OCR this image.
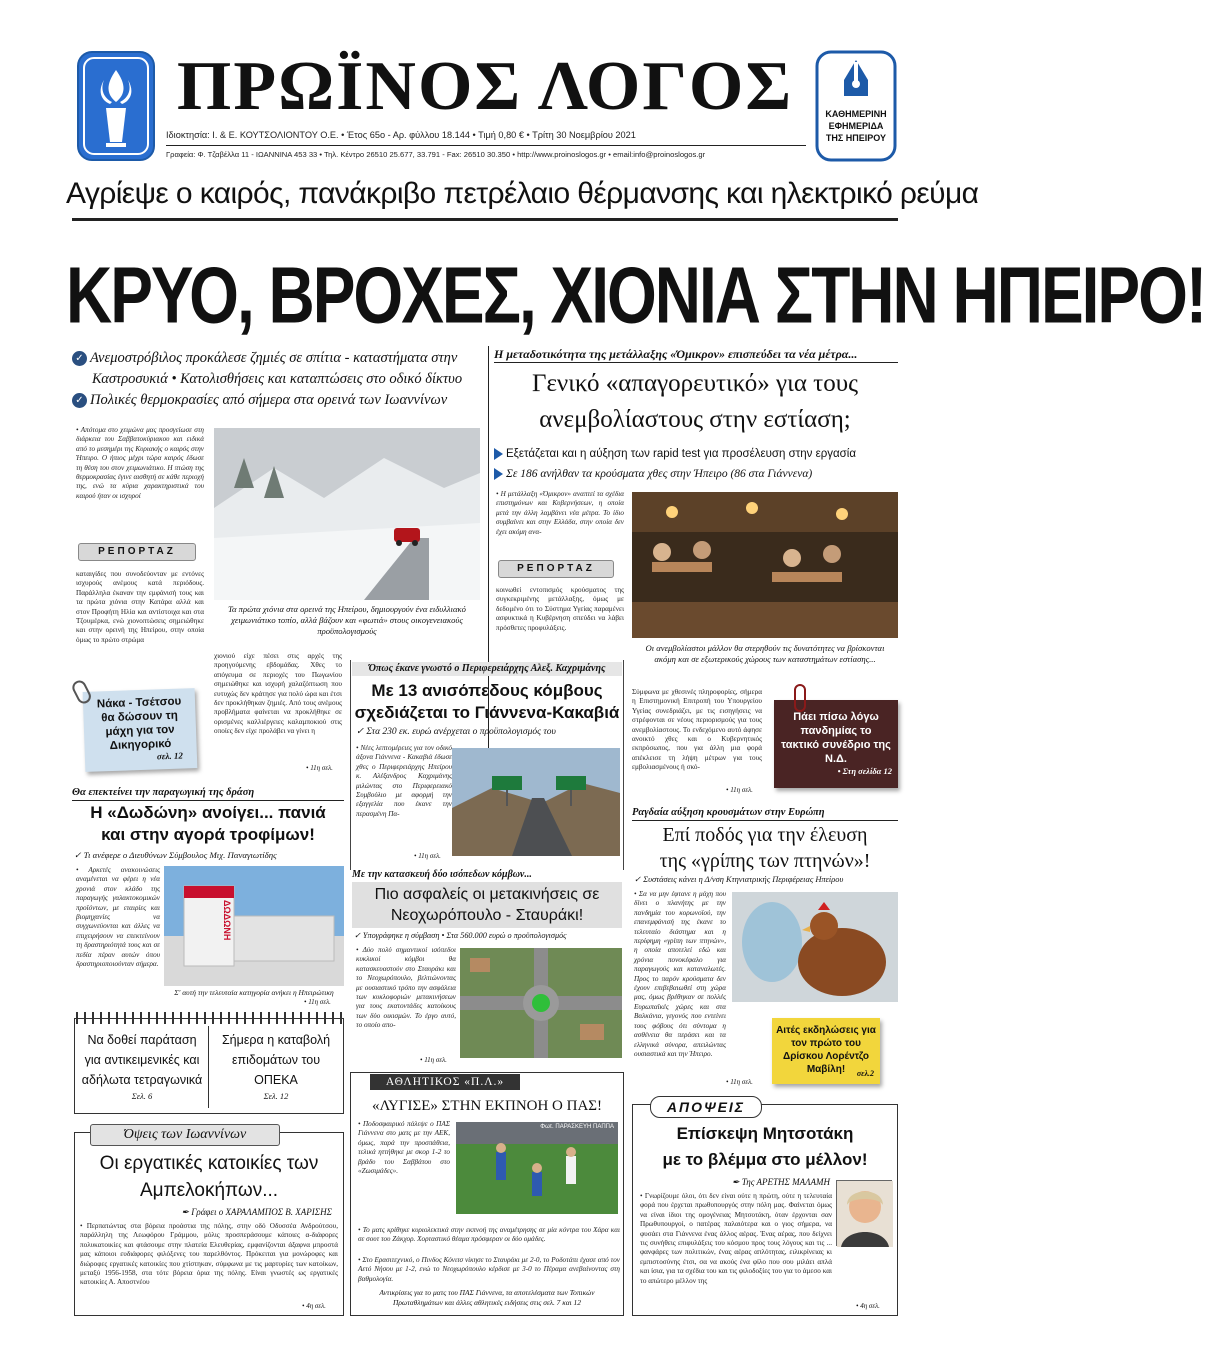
ΠΡΩΪΝΟΣ ΛΟΓΟΣ	ΚΑΘΗΜΕΡΙΝΗ
ΕΦΗΜΕΡΙΔΑ
ΤΗΣ ΗΠΕΙΡΟΥ
Ιδιοκτησία: Ι. & Ε. ΚΟΥΤΣΟΛΙΟΝΤΟΥ Ο.Ε. • Έτος 65ο - Αρ. φύλλου 18.144 • Τιμή 0,80 € • Τρίτη 30 Νοεμβρίου 2021
Γραφεία: Φ. Τζαβέλλα 11 - ΙΩΑΝΝΙΝΑ 453 33 • Τηλ. Κέντρο 26510 25.677, 33.791 - Fax: 26510 30.350 • http://www.proinoslogos.gr • email:info@proinoslogos.gr
Αγρίεψε ο καιρός, πανάκριβο πετρέλαιο θέρμανσης και ηλεκτρικό ρεύμα
ΚΡΥΟ, ΒΡΟΧΕΣ, ΧΙΟΝΙΑ ΣΤΗΝ ΗΠΕΙΡΟ!
✓ Ανεμοστρόβιλος προκάλεσε ζημιές σε σπίτια - καταστήματα στην
Καστροσυκιά • Κατολισθήσεις και καταπτώσεις στο οδικό δίκτυο
✓ Πολικές θερμοκρασίες από σήμερα στα ορεινά των Ιωαννίνων
• Απότομα στο χειμώνα μας προσγείωσε στη διάρκεια του Σαββατοκύριακου και ειδικά από το μεσημέρι της Κυριακής ο καιρός στην Ήπειρο. Ο ήπιος μέχρι τώρα καιρός έδωσε τη θέση του στον χειμωνιάτικο. Η πτώση της θερμοκρασίας έγινε αισθητή σε κάθε περιοχή της, ενώ τα κύρια χαρακτηριστικά του καιρού ήταν οι ισχυροί
ΡΕΠΟΡΤΑΖ
καταιγίδες που συνοδεύονταν με εντόνες ισχυρούς ανέμους κατά περιόδους. Παράλληλα έκαναν την εμφάνισή τους και τα πρώτα χιόνια στην Κατάρα αλλά και στον Προφήτη Ηλία και αντίστοιχα και στα Τζουμέρκα, ενώ χιονοπτώσεις σημειώθηκε και στην ορεινή της Ηπείρου, στην οποία όμως το πρώτο στρώμα
Τα πρώτα χιόνια στα ορεινά της Ηπείρου, δημιουργούν ένα ειδυλλιακό χειμωνιάτικο τοπίο, αλλά βάζουν και «φωτιά» στους οικογενειακούς προϋπολογισμούς
χιονιού είχε πέσει στις αρχές της προηγούμενης εβδομάδας. Χθες το απόγευμα σε περιοχές του Πωγωνίου σημειώθηκε και ισχυρή χαλαζόπτωση που ευτυχώς δεν κράτησε για πολύ ώρα και έτσι δεν προκλήθηκαν ζημιές. Από τους ανέμους προβλήματα φαίνεται να προκλήθηκε σε ορισμένες καλλιέργειες καλαμποκιού στις οποίες δεν είχε προλάβει να γίνει η
• 11η σελ.
Νάκα - Τσέτσου θα δώσουν τη μάχη για τον Δικηγορικό
σελ. 12
Η μεταδοτικότητα της μετάλλαξης «Όμικρον» επισπεύδει τα νέα μέτρα...
Γενικό «απαγορευτικό» για τους
ανεμβολίαστους στην εστίαση;
Εξετάζεται και η αύξηση των rapid test για προσέλευση στην εργασία
Σε 186 ανήλθαν τα κρούσματα χθες στην Ήπειρο (86 στα Γιάννενα)
• Η μετάλλαξη «Όμικρον» αναπτεί τα σχέδια επιστημόνων και Κυβερνήσεων, η οποία μετά την άλλη λαμβάνει νέα μέτρα. Το ίδιο συμβαίνει και στην Ελλάδα, στην οποία δεν έχει ακόμη ανα-
ΡΕΠΟΡΤΑΖ
κοινωθεί εντοπισμός κρούσματος της συγκεκριμένης μετάλλαξης, όμως με δεδομένο ότι το Σύστημα Υγείας παραμένει ασφυκτικά η Κυβέρνηση σπεύδει να λάβει πρόσθετες προφυλάξεις.
Οι ανεμβολίαστοι μάλλον θα στερηθούν τις δυνατότητες να βρίσκονται ακόμη και σε εξωτερικούς χώρους των καταστημάτων εστίασης...
Σύμφωνα με χθεσινές πληροφορίες, σήμερα η Επιστημονική Επιτροπή του Υπουργείου Υγείας συνεδριάζει, με τις εισηγήσεις να στρέφονται σε νέους περιορισμούς για τους ανεμβολίαστους. Το ενδεχόμενο αυτό άφησε ανοικτό χθες και ο Κυβερνητικός εκπρόσωπος, που για άλλη μια φορά απέκλεισε τη λήψη μέτρων για τους εμβολιασμένους ή σκό-
• 11η σελ.
Πάει πίσω λόγω πανδημίας το τακτικό συνέδριο της Ν.Δ.
• Στη σελίδα 12
Όπως έκανε γνωστό ο Περιφερειάρχης Αλεξ. Καχριμάνης
Με 13 ανισόπεδους κόμβους σχεδιάζεται το Γιάννενα-Κακαβιά
✓ Στα 230 εκ. ευρώ ανέρχεται ο προϋπολογισμός του
• Νέες λεπτομέρειες για τον οδικό άξονα Γιάννενα - Κακαβιά έδωσε χθες ο Περιφερειάρχης Ηπείρου κ. Αλέξανδρος Καχριμάνης μιλώντας στο Περιφερειακό Συμβούλιο με αφορμή την εξαγγελία που έκανε την περασμένη Πα-
• 11η σελ.
Θα επεκτείνει την παραγωγική της δράση
Η «Δωδώνη» ανοίγει... πανιά
και στην αγορά τροφίμων!
✓ Τι ανέφερε ο Διευθύνων Σύμβουλος Μιχ. Παναγιωτίδης
• Αρκετές ανακοινώσεις αναμένεται να φέρει η νέα χρονιά στον κλάδο της παραγωγής γαλακτοκομικών προϊόντων, με εταιρίες και βιομηχανίες να συγχωνεύονται και άλλες να επιχειρήσουν να επεκτείνουν τη δραστηριότητά τους και σε πεδία πέραν αυτών όπου δραστηριοποιούνταν σήμερα.
ΔΩΔΩΝΗ
Σ' αυτή την τελευταία κατηγορία ανήκει η Ηπειρώτικη
• 11η σελ.
Να δοθεί παράταση για αντικειμενικές και αδήλωτα τετραγωνικά
Σελ. 6
Σήμερα η καταβολή επιδομάτων του ΟΠΕΚΑ
Σελ. 12
Με την κατασκευή δύο ισόπεδων κόμβων...
Πιο ασφαλείς οι μετακινήσεις σε Νεοχωρόπουλο - Σταυράκι!
✓ Υπογράφηκε η σύμβαση • Στα 560.000 ευρώ ο προϋπολογισμός
• Δύο πολύ σημαντικοί ισόπεδοι κυκλικοί κόμβοι θα κατασκευαστούν στο Σταυράκι και το Νεοχωρόπουλο, βελτιώνοντας με ουσιαστικό τρόπο την ασφάλεια των κυκλοφοριών μετακινήσεων για τους εκατοντάδες κατοίκους των δύο οικισμών. Το έργο αυτό, το οποίο απο-
• 11η σελ.
Ραγδαία αύξηση κρουσμάτων στην Ευρώπη
Επί ποδός για την έλευση
της «γρίπης των πτηνών»!
✓ Συστάσεις κάνει η Δ/νση Κτηνιατρικής Περιφέρειας Ηπείρου
• Σα να μην έφτανε η μάχη που δίνει ο πλανήτης με την πανδημία του κορωνοϊού, την επανεμφάνισή της έκανε το τελευταίο διάστημα και η περίφημη «γρίπη των πτηνών», η οποία αποτελεί εδώ και χρόνια πονοκέφαλο για παραγωγούς και καταναλωτές. Προς το παρόν κρούσματα δεν έχουν επιβεβαιωθεί στη χώρα μας, όμως βρέθηκαν σε πολλές Ευρωπαϊκές χώρες και στα Βαλκάνια, γεγονός που εντείνει τους φόβους ότι σύντομα η ασθένεια θα περάσει και τα ελληνικά σύνορα, απειλώντας ουσιαστικά και την Ήπειρο.
• 11η σελ.
Αιτές εκδηλώσεις για τον πρώτο του Δρίσκου Λορέντζο Μαβίλη!	σελ.2
ΑΘΛΗΤΙΚΟΣ «Π.Λ.»
«ΛΥΓΙΣΕ» ΣΤΗΝ ΕΚΠΝΟΗ Ο ΠΑΣ!
• Ποδοσφαιρικό πάλεψε ο ΠΑΣ Γιάννενα στο ματς με την ΑΕΚ, όμως, παρά την προσπάθεια, τελικά ηττήθηκε με σκορ 1-2 το βράδυ του Σαββάτου στο «Ζωσιμάδες».
Φωτ. ΠΑΡΑΣΚΕΥΗ ΠΑΠΠΑ
• Το ματς κρίθηκε κυριολεκτικά στην εκπνοή της αναμέτρησης σε μία κόντρα του Χάρα και σε σουτ του Ζάκχορ. Χορταστικό θέαμα πρόσφεραν οι δύο ομάδες.
• Στο Ερασιτεχνικό, ο Πινδος Κόνιτσ νίκησε το Σταυράκι με 2-0, το Ροδοτάπι έχασε από τον Αετό Νήσου με 1-2, ενώ το Νεοχωρόπουλο κέρδισε με 3-0 το Πέραμα ανεβαίνοντας στη βαθμολογία.
Αντικρίσεις για το ματς του ΠΑΣ Γιάννενα, τα αποτελέσματα των Τοπικών
Πρωταθλημάτων και άλλες αθλητικές ειδήσεις στις σελ. 7 και 12
Όψεις των Ιωαννίνων
Οι εργατικές κατοικίες των Αμπελοκήπων...
✒ Γράφει ο ΧΑΡΑΛΑΜΠΟΣ Β. ΧΑΡΙΣΗΣ
• Περπατώντας στα βόρεια προάστια της πόλης, στην οδό Οδυσσέα Ανδρούτσου, παράλληλη της Λεωφόρου Γράμμου, μόλις προσπεράσουμε κάποιες α-διάφορες πολυκατοικίες και φτάσουμε στην πλατεία Ελευθερίας, εμφανίζονται άξαφνα μπροστά μας κάποιοι ευδιάφορες φιλόξενες του παρελθόντος. Πρόκειται για μονώροφες και διώροφες εργατικές κατοικίες που χτίστηκαν, σύμφωνα με τις μαρτυρίες των κατοίκων, μεταξύ 1956-1958, στα τότε βόρεια όρια της πόλης. Είναι γνωστές ως εργατικές κατοικίες Α. Αποστνέου
• 4η σελ.
ΑΠΟΨΕΙΣ
Επίσκεψη Μητσοτάκη
με το βλέμμα στο μέλλον!
✒ Της ΑΡΕΤΗΣ ΜΑΛΑΜΗ
• Γνωρίζουμε όλοι, ότι δεν είναι ούτε η πρώτη, ούτε η τελευταία φορά που έρχεται πρωθυπουργός στην πόλη μας. Φαίνεται όμως να είναι ίδιοι της ομογένειας Μητσοτάκη, όταν έρχονται σαν Πρωθυπουργοί, ο πατέρας παλαιότερα και ο γιος σήμερα, να φυσάει στα Γιάννενα ένας άλλος αέρας. Ένας αέρας, που δείχνει τις συνήθεις επιφυλάξεις του κόσμου προς τους λόγους και τις ... φανφάρες των πολιτικών, ένας αέρας απλότητας, ειλικρίνειας κι εμπιστοσύνης έτσι, σα να ακούς ένα φίλο που σου μιλάει απλά και ίσια, για τα σχέδια του και τις φιλοδοξίες του για το άμεσο και το απώτερο μέλλον της
• 4η σελ.
